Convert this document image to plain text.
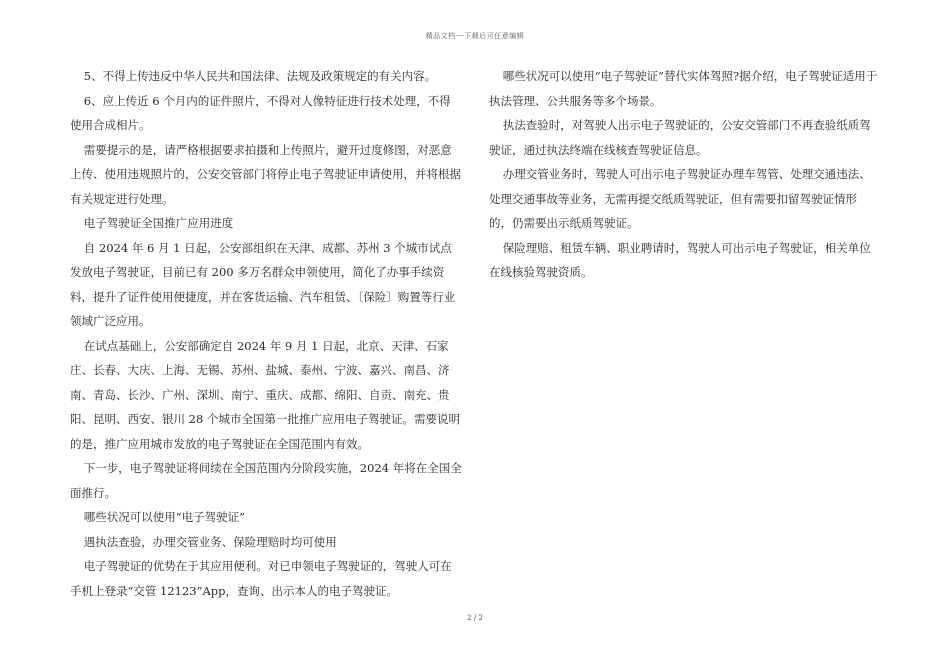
精品文档---下载后可任意编辑

5、不得上传违反中华人民共和国法律、法规及政策规定的有关内容。

6、应上传近 6 个月内的证件照片，不得对人像特征进行技术处理，不得使用合成相片。

需要提示的是，请严格根据要求拍摄和上传照片，避开过度修图，对恶意上传、使用违规照片的，公安交管部门将停止电子驾驶证申请使用，并将根据有关规定进行处理。

电子驾驶证全国推广应用进度

自 2024 年 6 月 1 日起，公安部组织在天津、成都、苏州 3 个城市试点发放电子驾驶证，目前已有 200 多万名群众申领使用，简化了办事手续资料，提升了证件使用便捷度，并在客货运输、汽车租赁、〔保险〕购置等行业领域广泛应用。

在试点基础上，公安部确定自 2024 年 9 月 1 日起，北京、天津、石家庄、长春、大庆、上海、无锡、苏州、盐城、泰州、宁波、嘉兴、南昌、济南、青岛、长沙、广州、深圳、南宁、重庆、成都、绵阳、自贡、南充、贵阳、昆明、西安、银川 28 个城市全国第一批推广应用电子驾驶证。需要说明的是，推广应用城市发放的电子驾驶证在全国范围内有效。

下一步，电子驾驶证将间续在全国范围内分阶段实施，2024 年将在全国全面推行。

哪些状况可以使用“电子驾驶证”

遇执法查验，办理交管业务、保险理赔时均可使用

电子驾驶证的优势在于其应用便利。对已申领电子驾驶证的，驾驶人可在手机上登录“交管 12123”App，查询、出示本人的电子驾驶证。

哪些状况可以使用“电子驾驶证”替代实体驾照?据介绍，电子驾驶证适用于执法管理、公共服务等多个场景。

执法查验时，对驾驶人出示电子驾驶证的，公安交管部门不再查验纸质驾驶证，通过执法终端在线核查驾驶证信息。

办理交管业务时，驾驶人可出示电子驾驶证办理车驾管、处理交通违法、处理交通事故等业务，无需再提交纸质驾驶证，但有需要扣留驾驶证情形的，仍需要出示纸质驾驶证。

保险理赔、租赁车辆、职业聘请时，驾驶人可出示电子驾驶证，相关单位在线核验驾驶资质。

2 / 2
